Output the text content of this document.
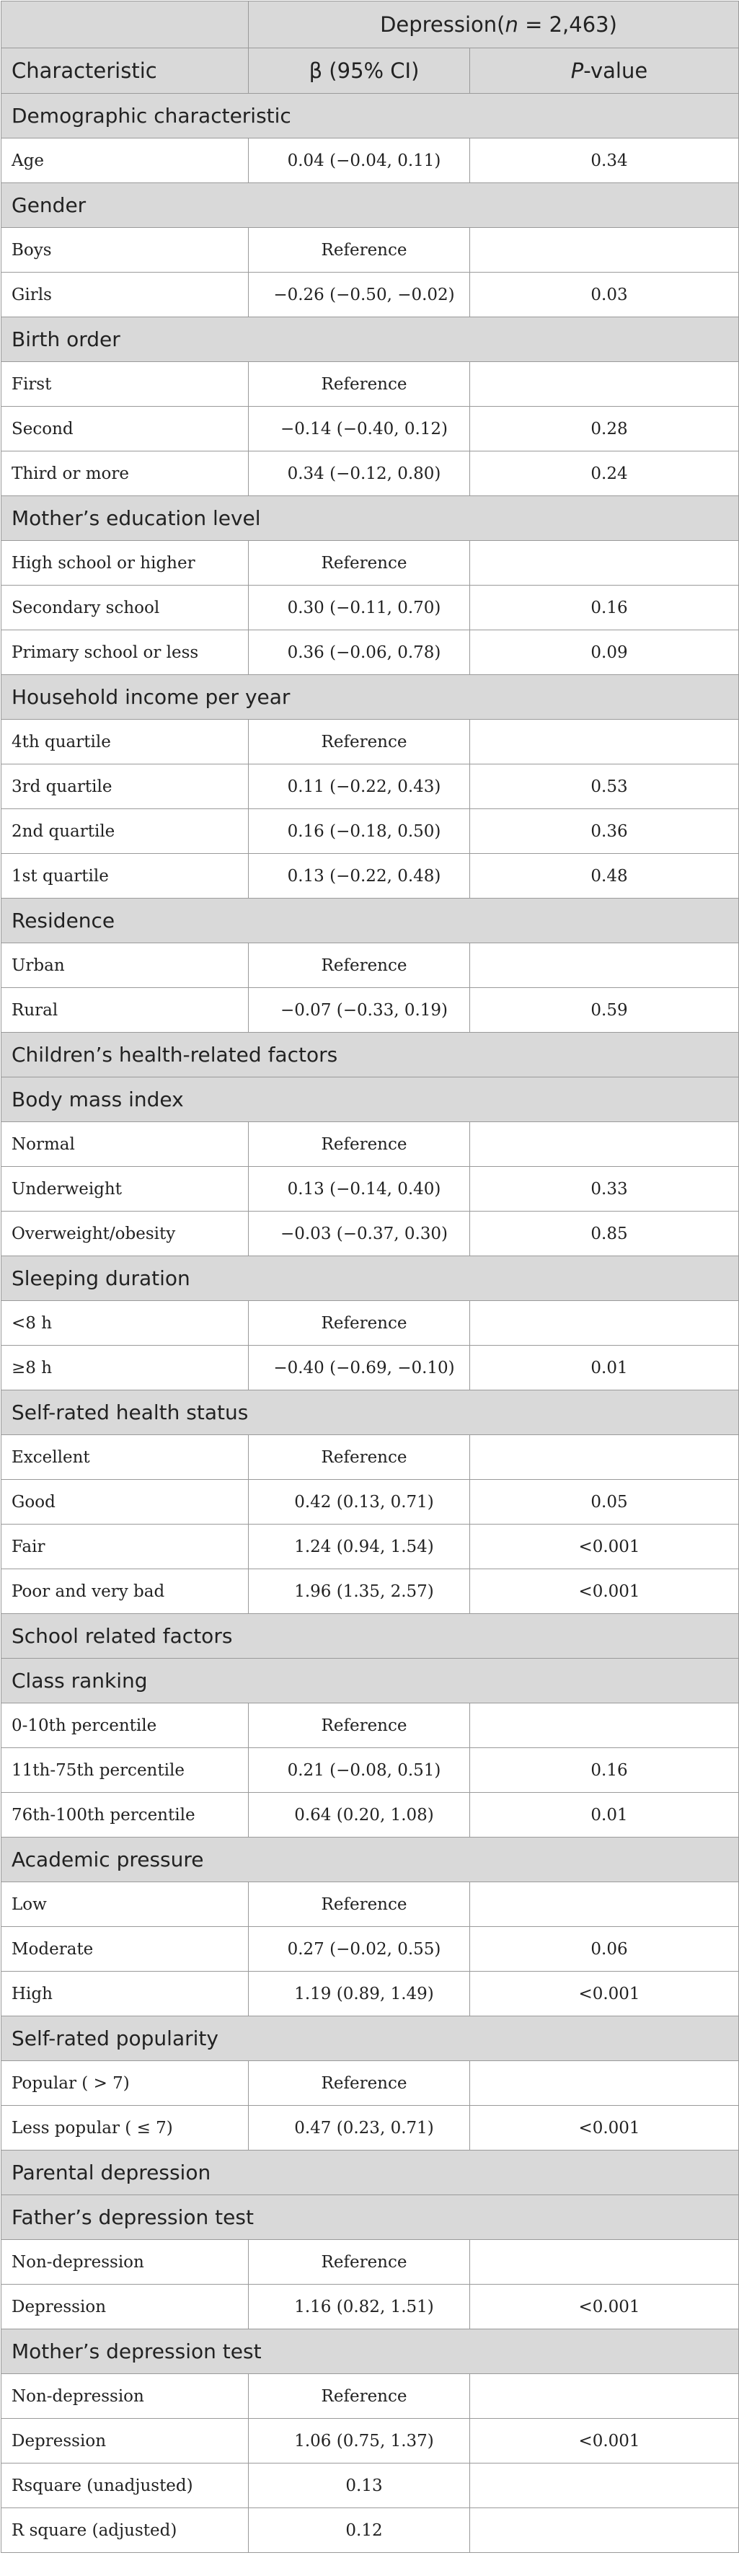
	Depression(n = 2,463)	
Characteristic	β (95% CI)	P-value
Demographic characteristic		
Age	0.04 (−0.04, 0.11)	0.34
Gender		
Boys	Reference	
Girls	−0.26 (−0.50, −0.02)	0.03
Birth order		
First	Reference	
Second	−0.14 (−0.40, 0.12)	0.28
Third or more	0.34 (−0.12, 0.80)	0.24
Mother’s education level		
High school or higher	Reference	
Secondary school	0.30 (−0.11, 0.70)	0.16
Primary school or less	0.36 (−0.06, 0.78)	0.09
Household income per year		
4th quartile	Reference	
3rd quartile	0.11 (−0.22, 0.43)	0.53
2nd quartile	0.16 (−0.18, 0.50)	0.36
1st quartile	0.13 (−0.22, 0.48)	0.48
Residence		
Urban	Reference	
Rural	−0.07 (−0.33, 0.19)	0.59
Children’s health-related factors		
Body mass index		
Normal	Reference	
Underweight	0.13 (−0.14, 0.40)	0.33
Overweight/obesity	−0.03 (−0.37, 0.30)	0.85
Sleeping duration		
<8 h	Reference	
≥8 h	−0.40 (−0.69, −0.10)	0.01
Self-rated health status		
Excellent	Reference	
Good	0.42 (0.13, 0.71)	0.05
Fair	1.24 (0.94, 1.54)	<0.001
Poor and very bad	1.96 (1.35, 2.57)	<0.001
School related factors		
Class ranking		
0-10th percentile	Reference	
11th-75th percentile	0.21 (−0.08, 0.51)	0.16
76th-100th percentile	0.64 (0.20, 1.08)	0.01
Academic pressure		
Low	Reference	
Moderate	0.27 (−0.02, 0.55)	0.06
High	1.19 (0.89, 1.49)	<0.001
Self-rated popularity		
Popular ( > 7)	Reference	
Less popular ( ≤ 7)	0.47 (0.23, 0.71)	<0.001
Parental depression		
Father’s depression test		
Non-depression	Reference	
Depression	1.16 (0.82, 1.51)	<0.001
Mother’s depression test		
Non-depression	Reference	
Depression	1.06 (0.75, 1.37)	<0.001
Rsquare (unadjusted)	0.13	
R square (adjusted)	0.12	
